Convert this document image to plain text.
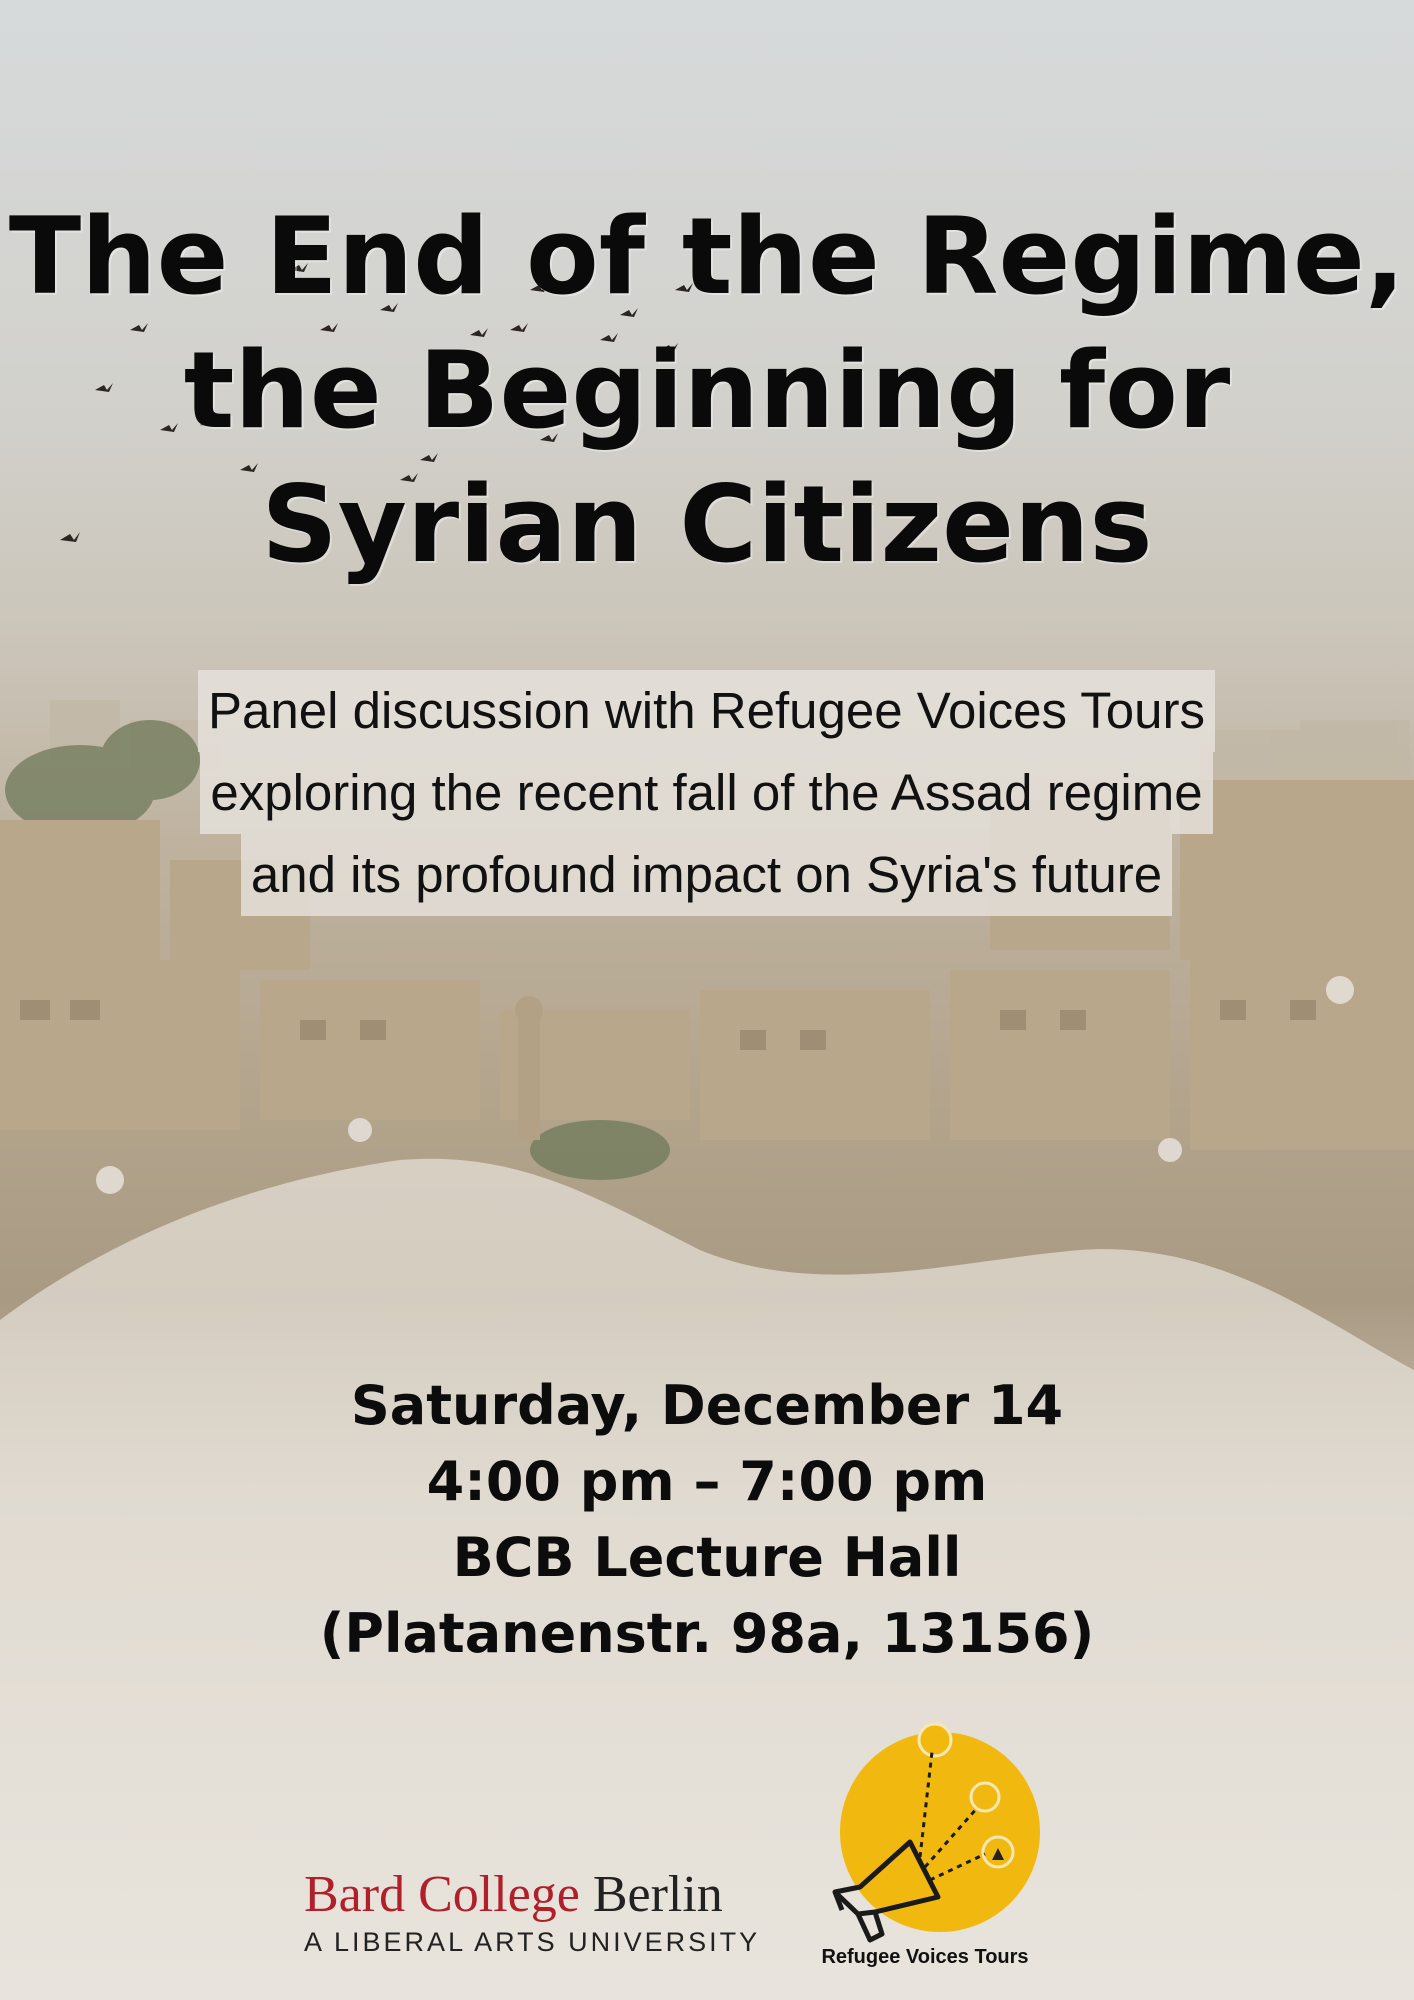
The End of the Regime,
the Beginning for
Syrian Citizens
Panel discussion with Refugee Voices Tours
exploring the recent fall of the Assad regime
and its profound impact on Syria's future
Saturday, December 14
4:00 pm – 7:00 pm
BCB Lecture Hall
(Platanenstr. 98a, 13156)
Bard College Berlin
A LIBERAL ARTS UNIVERSITY	Refugee Voices Tours
